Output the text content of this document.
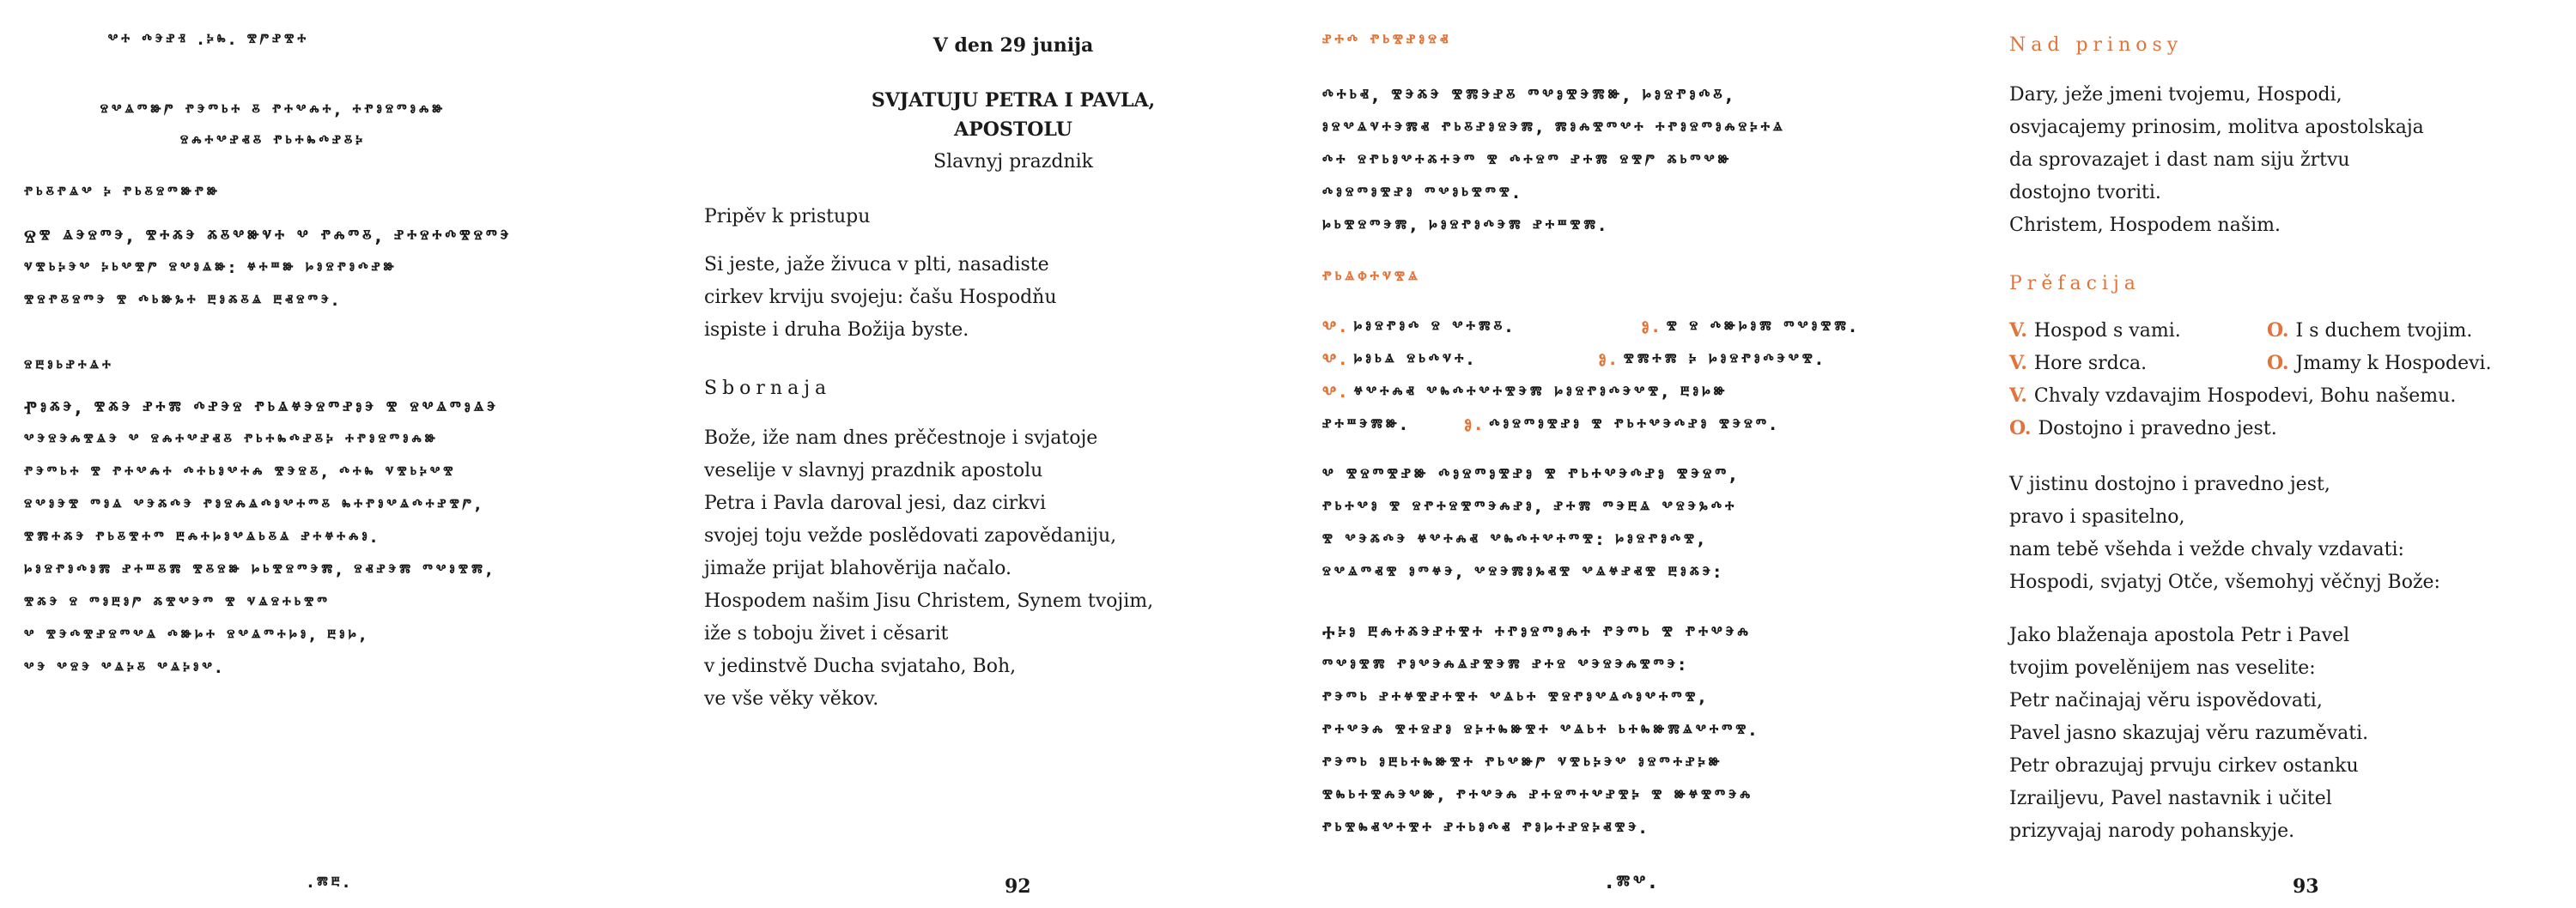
ⰲⰰ ⰴⰵⱀⱐ .ⰽⰸ. ⰺⱓⱀⰺⰰ
ⱄⰲⱑⱅⱆⱓ ⱂⰵⱅⱃⰰ ⰻ ⱂⰰⰲⰾⰰ, ⰰⱂⱁⱄⱅⱁⰾⱆ
ⱄⰾⰰⰲⱀⱏⰻ ⱂⱃⰰⰸⰴⱀⰻⰽ
ⱂⱃⰻⱂⱑⰲ ⰽ ⱂⱃⰻⱄⱅⱆⱂⱆ
Ⱄⰺ ⱑⰵⱄⱅⰵ, ⰺⰰⰶⰵ ⰶⰻⰲⱆⱌⰰ ⰲ ⱂⰾⱅⰻ, ⱀⰰⱄⰰⰴⰺⱄⱅⰵ
ⱌⰺⱃⰽⰵⰲ ⰽⱃⰲⰺⱓ ⱄⰲⱁⱑⱆ: ⱍⰰⱎⱆ ⱈⱁⱄⱂⱁⰴⱀⱆ
ⰺⱄⱂⰻⱄⱅⰵ ⰺ ⰴⱃⱆⰳⰰ ⰱⱁⰶⰻⱑ ⰱⱏⱄⱅⰵ.
ⱄⰱⱁⱃⱀⰰⱑⰰ
Ⱂⱁⰶⰵ, ⰺⰶⰵ ⱀⰰⰿ ⰴⱀⰵⱄ ⱂⱃⱑⱍⰵⱄⱅⱀⱁⰵ ⰺ ⱄⰲⱑⱅⱁⱑⰵ
ⰲⰵⱄⰵⰾⰺⱑⰵ ⰲ ⱄⰾⰰⰲⱀⱏⰻ ⱂⱃⰰⰸⰴⱀⰻⰽ ⰰⱂⱁⱄⱅⱁⰾⱆ
ⱂⰵⱅⱃⰰ ⰺ ⱂⰰⰲⰾⰰ ⰴⰰⱃⱁⰲⰰⰾ ⰺⰵⱄⰻ, ⰴⰰⰸ ⱌⰺⱃⰽⰲⰺ
ⱄⰲⱁⰵⰺ ⱅⱁⱑ ⰲⰵⰶⰴⰵ ⱂⱁⱄⰾⱑⰴⱁⰲⰰⱅⰻ ⰸⰰⱂⱁⰲⱑⰴⰰⱀⰺⱓ,
ⰺⰿⰰⰶⰵ ⱂⱃⰻⰺⰰⱅ ⰱⰾⰰⱈⱁⰲⱑⱃⰻⱑ ⱀⰰⱍⰰⰾⱁ.
ⱈⱁⱄⱂⱁⰴⱁⰿ ⱀⰰⱎⰻⰿ ⰺⰻⱄⱆ ⱈⱃⰺⱄⱅⰵⰿ, ⱄⱏⱀⰵⰿ ⱅⰲⱁⰺⰿ,
ⰺⰶⰵ ⱄ ⱅⱁⰱⱁⱓ ⰶⰺⰲⰵⱅ ⰺ ⱌⱑⱄⰰⱃⰺⱅ
ⰲ ⰺⰵⰴⰺⱀⱄⱅⰲⱑ ⰴⱆⱈⰰ ⱄⰲⱑⱅⰰⱈⱁ, ⰱⱁⱈ,
ⰲⰵ ⰲⱄⰵ ⰲⱑⰽⰻ ⰲⱑⰽⱁⰲ.
.ⰿⰱ.
V den 29 junija
SVJATUJU PETRA I PAVLA,
APOSTOLU
Slavnyj prazdnik
Pripěv k pristupu
Si jeste, jaže živuca v plti, nasadiste
cirkev krviju svojeju: čašu Hospodňu
ispiste i druha Božija byste.
Sbornaja
Bože, iže nam dnes prěčestnoje i svjatoje
veselije v slavnyj prazdnik apostolu
Petra i Pavla daroval jesi, daz cirkvi
svojej toju vežde poslědovati zapovědaniju,
jimaže prijat blahověrija načalo.
Hospodem našim Jisu Christem, Synem tvojim,
iže s toboju živet i cěsarit
v jedinstvě Ducha svjataho, Boh,
ve vše věky věkov.
92
ⱀⰰⰴ ⱂⱃⰺⱀⱁⱄⱏ
ⰴⰰⱃⱏ, ⰺⰵⰶⰵ ⰺⰿⰵⱀⰻ ⱅⰲⱁⰺⰵⰿⱆ, ⱈⱁⱄⱂⱁⰴⰻ,
ⱁⱄⰲⱑⱌⰰⰵⰿⱏ ⱂⱃⰻⱀⱁⱄⰵⰿ, ⰿⱁⰾⰺⱅⰲⰰ ⰰⱂⱁⱄⱅⱁⰾⱄⰽⰰⱑ
ⰴⰰ ⱄⱂⱃⱁⰲⰰⰶⰰⰵⱅ ⰺ ⰴⰰⱄⱅ ⱀⰰⰿ ⱄⰺⱓ ⰶⱃⱅⰲⱆ
ⰴⱁⱄⱅⱁⰺⱀⱁ ⱅⰲⱁⱃⰺⱅⰺ.
ⱈⱃⰺⱄⱅⰵⰿ, ⱈⱁⱄⱂⱁⰴⰵⰿ ⱀⰰⱎⰺⰿ.
ⱂⱃⱑⱇⰰⱌⰺⱑ
Ⰲ. ⱈⱁⱄⱂⱁⰴ ⱄ ⰲⰰⰿⰻ.	Ⱁ. ⰺ ⱄ ⰴⱆⱈⱁⰿ ⱅⰲⱁⰺⰿ.
Ⰲ. ⱈⱁⱃⱑ ⱄⱃⰴⱌⰰ.	Ⱁ. ⰺⰿⰰⰿ ⰽ ⱈⱁⱄⱂⱁⰴⰵⰲⰺ.
Ⰲ. ⱍⰲⰰⰾⱏ ⰲⰸⰴⰰⰲⰰⰺⰵⰿ ⱈⱁⱄⱂⱁⰴⰵⰲⰺ, ⰱⱁⱈⱆ
ⱀⰰⱎⰵⰿⱆ.	Ⱁ. ⰴⱁⱄⱅⱁⰺⱀⱁ ⰺ ⱂⱃⰰⰲⰵⰴⱀⱁ ⰺⰵⱄⱅ.
ⰲ ⰺⱄⱅⰺⱀⱆ ⰴⱁⱄⱅⱁⰺⱀⱁ ⰺ ⱂⱃⰰⰲⰵⰴⱀⱁ ⰺⰵⱄⱅ,
ⱂⱃⰰⰲⱁ ⰺ ⱄⱂⰰⱄⰺⱅⰵⰾⱀⱁ, ⱀⰰⰿ ⱅⰵⰱⱑ ⰲⱄⰵⰳⰴⰰ
ⰺ ⰲⰵⰶⰴⰵ ⱍⰲⰰⰾⱏ ⰲⰸⰴⰰⰲⰰⱅⰺ: ⱈⱁⱄⱂⱁⰴⰺ,
ⱄⰲⱑⱅⱏⰺ ⱁⱅⱍⰵ, ⰲⱄⰵⰿⱁⰳⱏⰺ ⰲⱑⱍⱀⱏⰺ ⰱⱁⰶⰵ:
Ⰰⰽⱁ ⰱⰾⰰⰶⰵⱀⰰⰺⰰ ⰰⱂⱁⱄⱅⱁⰾⰰ ⱂⰵⱅⱃ ⰺ ⱂⰰⰲⰵⰾ
ⱅⰲⱁⰺⰿ ⱂⱁⰲⰵⰾⱑⱀⰺⰵⰿ ⱀⰰⱄ ⰲⰵⱄⰵⰾⰺⱅⰵ:
ⱂⰵⱅⱃ ⱀⰰⱍⰺⱀⰰⰺⰰ ⰲⱑⱃⰰ ⰺⱄⱂⱁⰲⱑⰴⱁⰲⰰⱅⰺ,
ⱂⰰⰲⰵⰾ ⰺⰰⱄⱀⱁ ⱄⰽⰰⰸⱆⰺⰰ ⰲⱑⱃⰰ ⱃⰰⰸⱆⰿⱑⰲⰰⱅⰺ.
ⱂⰵⱅⱃ ⱁⰱⱃⰰⰸⱆⰺⰰ ⱂⱃⰲⱆⱓ ⱌⰺⱃⰽⰵⰲ ⱁⱄⱅⰰⱀⰽⱆ
ⰺⰸⱃⰰⰺⰾⰵⰲⱆ, ⱂⰰⰲⰵⰾ ⱀⰰⱄⱅⰰⰲⱀⰺⰽ ⰺ ⱆⱍⰺⱅⰵⰾ
ⱂⱃⰺⰸⱏⰲⰰⰺⰰ ⱀⰰⱃⱁⰴⱏ ⱂⱁⱈⰰⱀⱄⰽⱏⰺⰵ.
.ⰿⰲ.
Nad prinosy
Dary, ježe jmeni tvojemu, Hospodi,
osvjacajemy prinosim, molitva apostolskaja
da sprovazajet i dast nam siju žrtvu
dostojno tvoriti.
Christem, Hospodem našim.
Prěfacija
V. Hospod s vami.	O. I s duchem tvojim.
V. Hore srdca.	O. Jmamy k Hospodevi.
V. Chvaly vzdavajim Hospodevi, Bohu našemu.
O. Dostojno i pravedno jest.
V jistinu dostojno i pravedno jest,
pravo i spasitelno,
nam tebě všehda i vežde chvaly vzdavati:
Hospodi, svjatyj Otče, všemohyj věčnyj Bože:
Jako blaženaja apostola Petr i Pavel
tvojim povelěnijem nas veselite:
Petr načinajaj věru ispovědovati,
Pavel jasno skazujaj věru razuměvati.
Petr obrazujaj prvuju cirkev ostanku
Izrailjevu, Pavel nastavnik i učitel
prizyvajaj narody pohanskyje.
93
